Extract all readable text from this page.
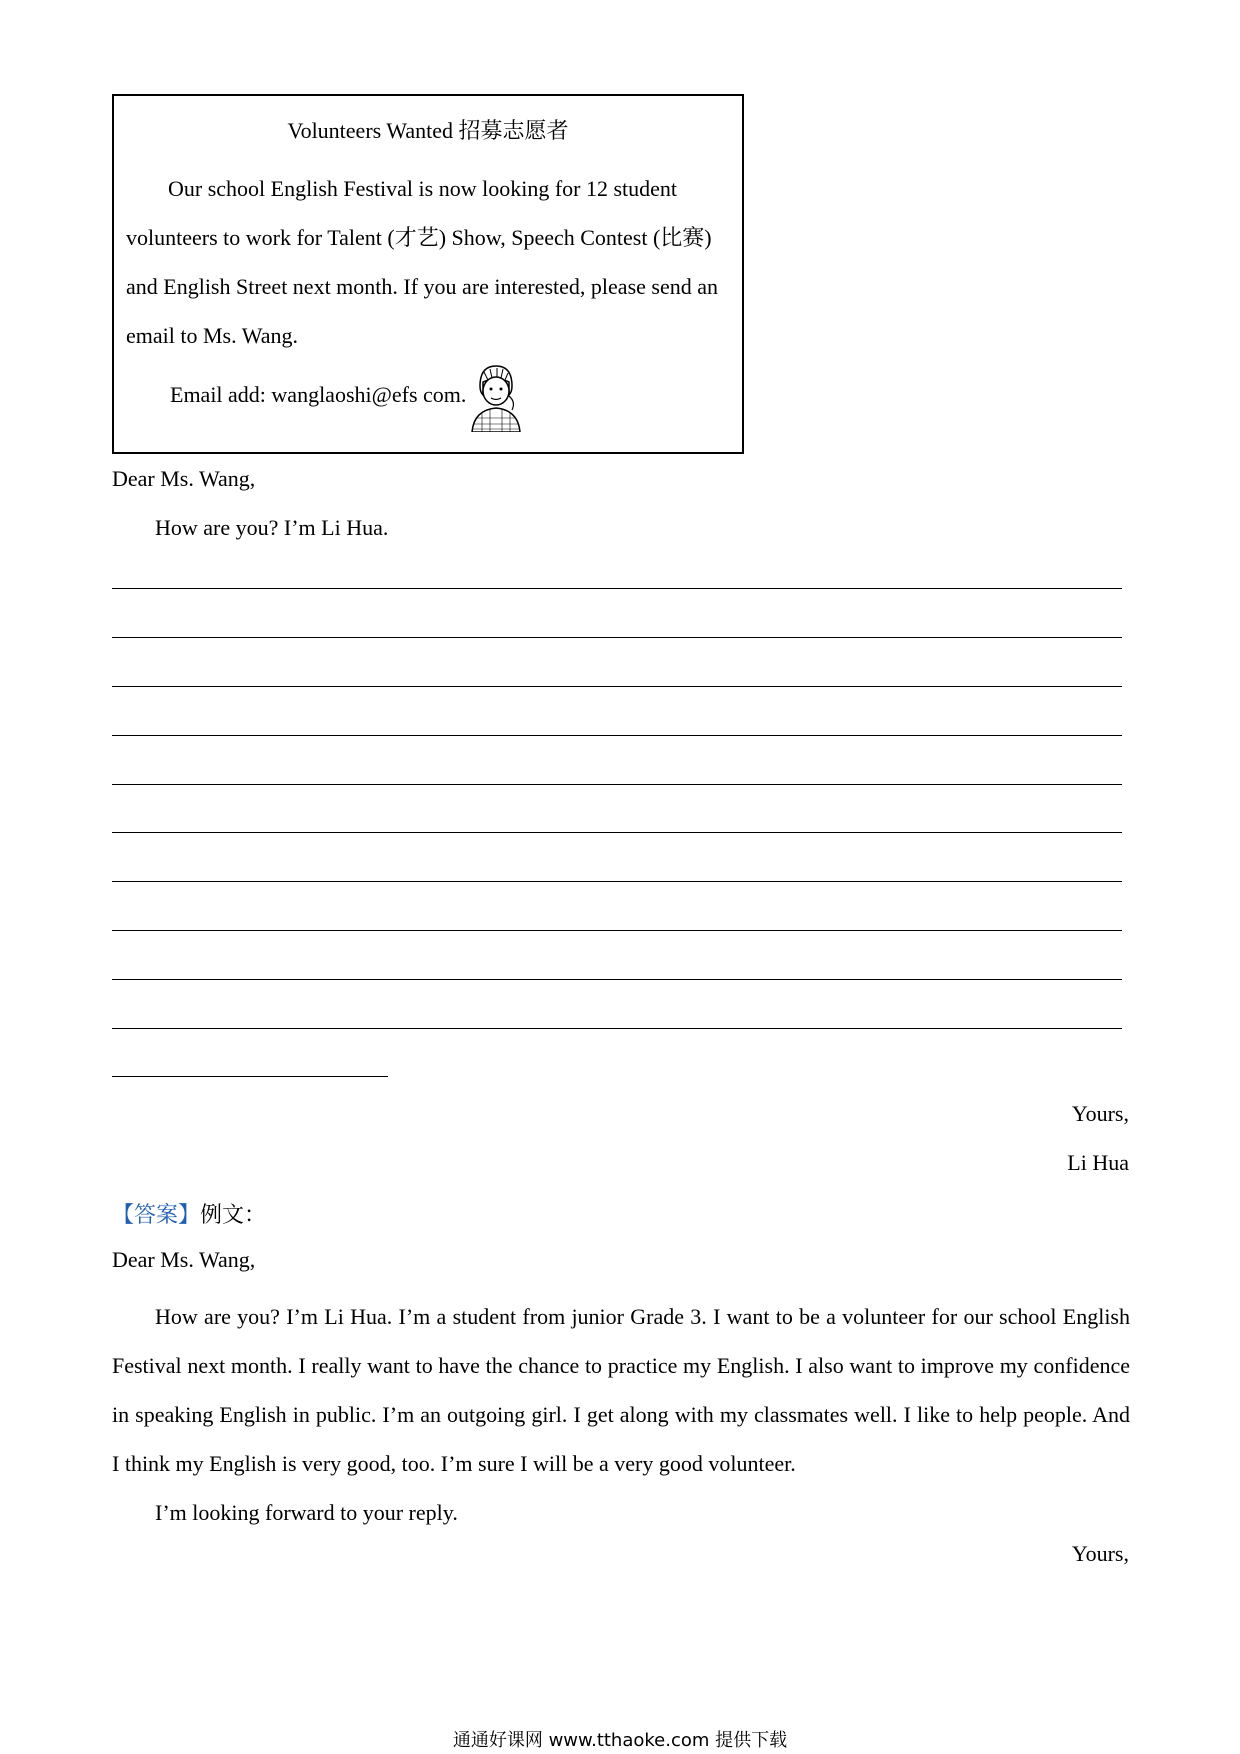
Volunteers Wanted 招募志愿者

Our school English Festival is now looking for 12 student volunteers to work for Talent (才艺) Show, Speech Contest (比赛) and English Street next month. If you are interested, please send an email to Ms. Wang.

Email add: wanglaoshi@efs com.
Dear Ms. Wang,
How are you? I’m Li Hua.
Yours,
Li Hua
【答案】例文：
Dear Ms. Wang,

How are you? I’m Li Hua. I’m a student from junior Grade 3. I want to be a volunteer for our school English Festival next month. I really want to have the chance to practice my English. I also want to improve my confidence in speaking English in public. I’m an outgoing girl. I get along with my classmates well. I like to help people. And I think my English is very good, too. I’m sure I will be a very good volunteer.

I’m looking forward to your reply.

Yours,
通通好课网 www.tthaoke.com 提供下载
